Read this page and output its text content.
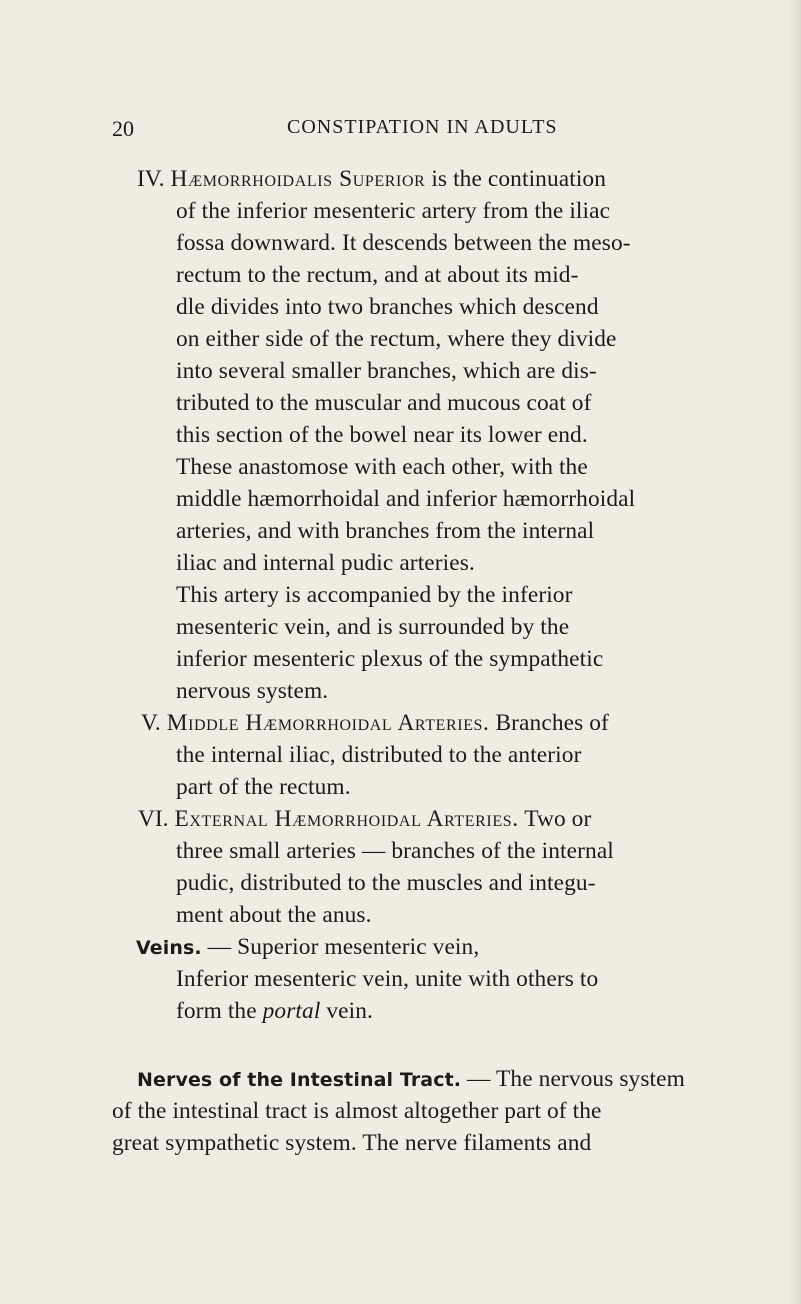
20	CONSTIPATION IN ADULTS
IV. Hæmorrhoidalis Superior is the continuation
of the inferior mesenteric artery from the iliac
fossa downward. It descends between the meso-
rectum to the rectum, and at about its mid-
dle divides into two branches which descend
on either side of the rectum, where they divide
into several smaller branches, which are dis-
tributed to the muscular and mucous coat of
this section of the bowel near its lower end.
These anastomose with each other, with the
middle hæmorrhoidal and inferior hæmorrhoidal
arteries, and with branches from the internal
iliac and internal pudic arteries.
This artery is accompanied by the inferior
mesenteric vein, and is surrounded by the
inferior mesenteric plexus of the sympathetic
nervous system.
V. Middle Hæmorrhoidal Arteries. Branches of
the internal iliac, distributed to the anterior
part of the rectum.
VI. External Hæmorrhoidal Arteries. Two or
three small arteries — branches of the internal
pudic, distributed to the muscles and integu-
ment about the anus.
Veins. — Superior mesenteric vein,
Inferior mesenteric vein, unite with others to
form the portal vein.
Nerves of the Intestinal Tract. — The nervous system
of the intestinal tract is almost altogether part of the
great sympathetic system. The nerve filaments and
